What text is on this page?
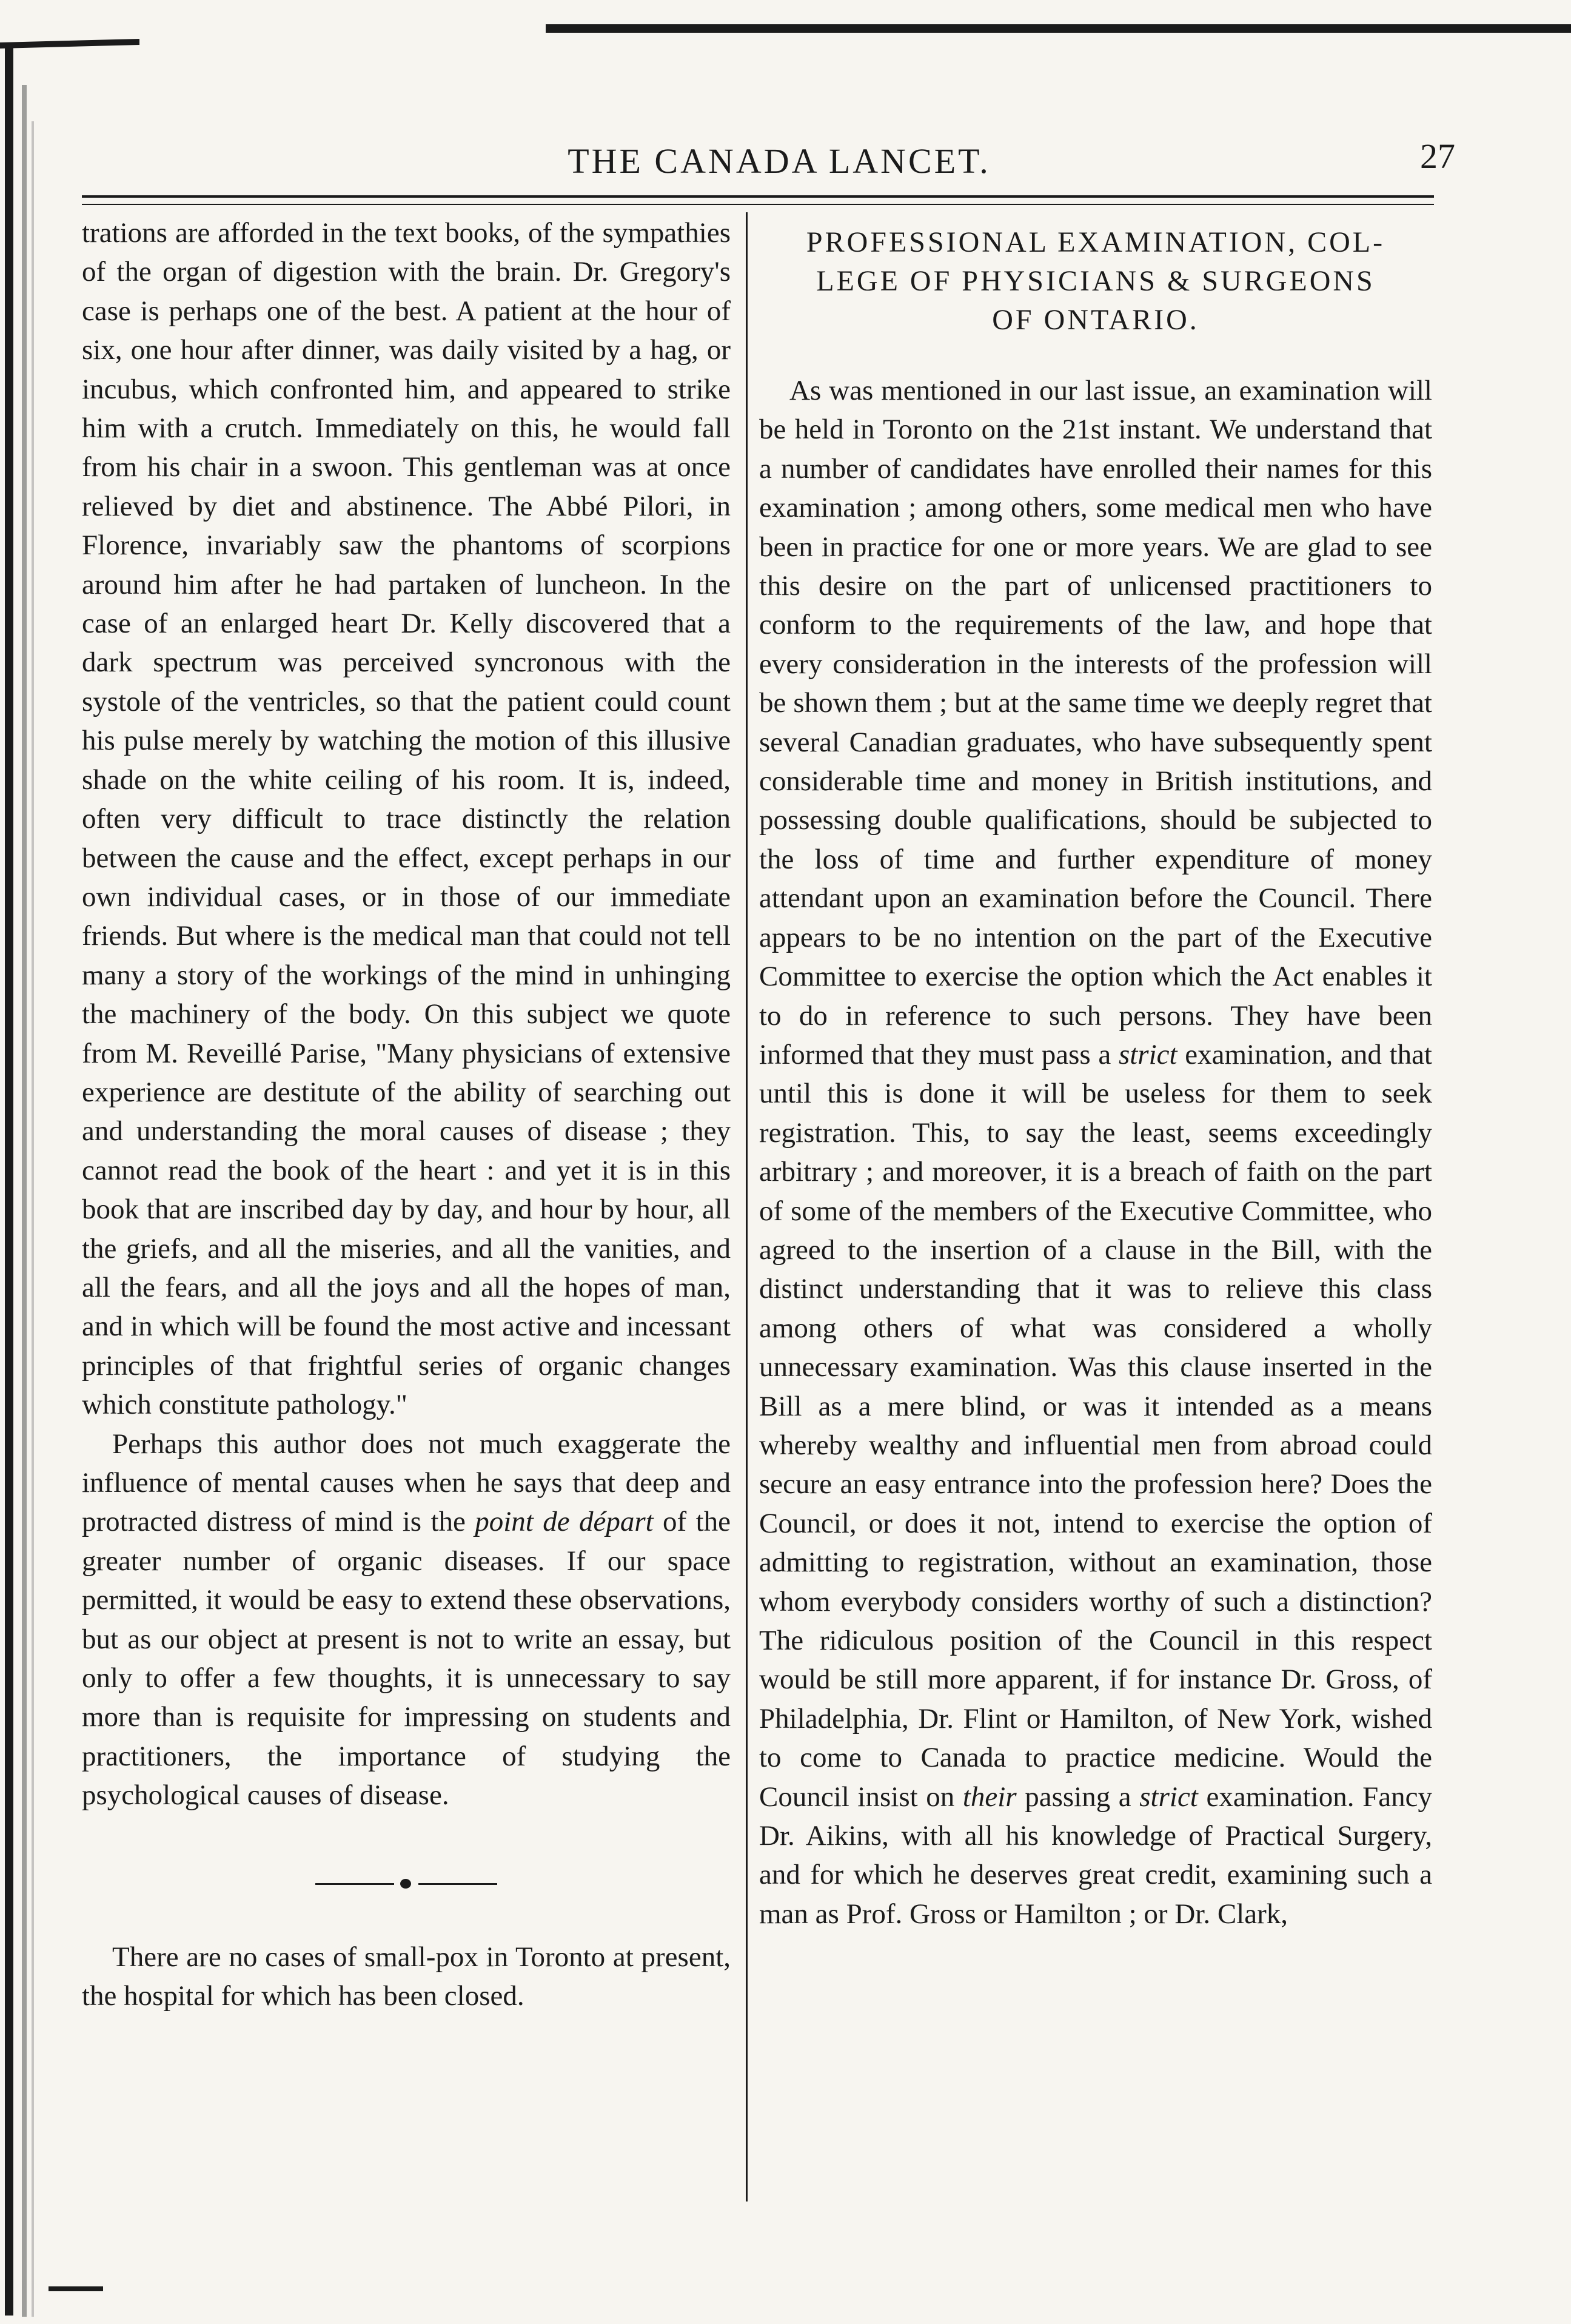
THE CANADA LANCET.	27

trations are afforded in the text books, of the sympathies of the organ of digestion with the brain. Dr. Gregory's case is perhaps one of the best. A patient at the hour of six, one hour after dinner, was daily visited by a hag, or incubus, which confronted him, and appeared to strike him with a crutch. Immediately on this, he would fall from his chair in a swoon. This gentleman was at once relieved by diet and abstinence. The Abbé Pilori, in Florence, invariably saw the phantoms of scorpions around him after he had partaken of luncheon. In the case of an enlarged heart Dr. Kelly discovered that a dark spectrum was perceived syncronous with the systole of the ventricles, so that the patient could count his pulse merely by watching the motion of this illusive shade on the white ceiling of his room. It is, indeed, often very difficult to trace distinctly the relation between the cause and the effect, except perhaps in our own individual cases, or in those of our immediate friends. But where is the medical man that could not tell many a story of the workings of the mind in unhinging the machinery of the body. On this subject we quote from M. Reveillé Parise, "Many physicians of extensive experience are destitute of the ability of searching out and understanding the moral causes of disease ; they cannot read the book of the heart : and yet it is in this book that are inscribed day by day, and hour by hour, all the griefs, and all the miseries, and all the vanities, and all the fears, and all the joys and all the hopes of man, and in which will be found the most active and incessant principles of that frightful series of organic changes which constitute pathology."

Perhaps this author does not much exaggerate the influence of mental causes when he says that deep and protracted distress of mind is the point de départ of the greater number of organic diseases. If our space permitted, it would be easy to extend these observations, but as our object at present is not to write an essay, but only to offer a few thoughts, it is unnecessary to say more than is requisite for impressing on students and practitioners, the importance of studying the psychological causes of disease.

There are no cases of small-pox in Toronto at present, the hospital for which has been closed.

PROFESSIONAL EXAMINATION, COL-
LEGE OF PHYSICIANS & SURGEONS
OF ONTARIO.

As was mentioned in our last issue, an examination will be held in Toronto on the 21st instant. We understand that a number of candidates have enrolled their names for this examination ; among others, some medical men who have been in practice for one or more years. We are glad to see this desire on the part of unlicensed practitioners to conform to the requirements of the law, and hope that every consideration in the interests of the profession will be shown them ; but at the same time we deeply regret that several Canadian graduates, who have subsequently spent considerable time and money in British institutions, and possessing double qualifications, should be subjected to the loss of time and further expenditure of money attendant upon an examination before the Council. There appears to be no intention on the part of the Executive Committee to exercise the option which the Act enables it to do in reference to such persons. They have been informed that they must pass a strict examination, and that until this is done it will be useless for them to seek registration. This, to say the least, seems exceedingly arbitrary ; and moreover, it is a breach of faith on the part of some of the members of the Executive Committee, who agreed to the insertion of a clause in the Bill, with the distinct understanding that it was to relieve this class among others of what was considered a wholly unnecessary examination. Was this clause inserted in the Bill as a mere blind, or was it intended as a means whereby wealthy and influential men from abroad could secure an easy entrance into the profession here? Does the Council, or does it not, intend to exercise the option of admitting to registration, without an examination, those whom everybody considers worthy of such a distinction? The ridiculous position of the Council in this respect would be still more apparent, if for instance Dr. Gross, of Philadelphia, Dr. Flint or Hamilton, of New York, wished to come to Canada to practice medicine. Would the Council insist on their passing a strict examination. Fancy Dr. Aikins, with all his knowledge of Practical Surgery, and for which he deserves great credit, examining such a man as Prof. Gross or Hamilton ; or Dr. Clark,
